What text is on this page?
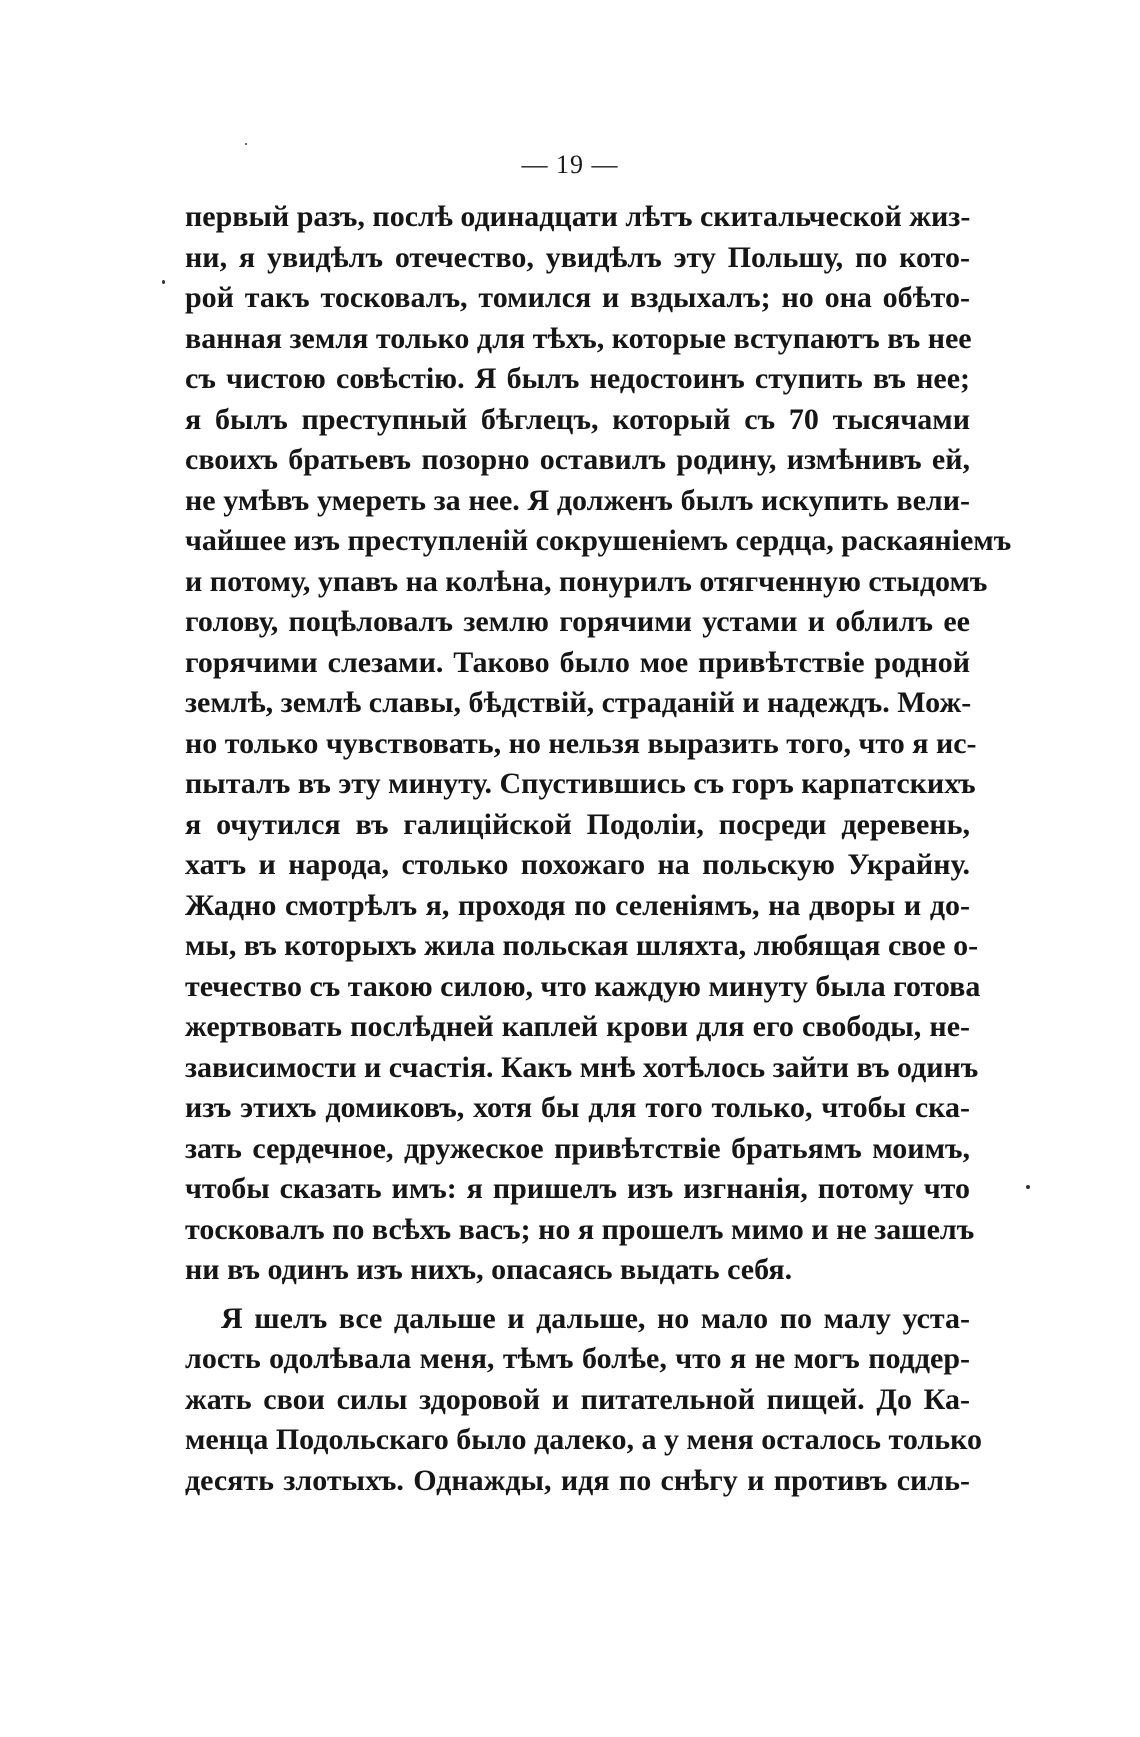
— 19 —
первый разъ, послѣ одинадцати лѣтъ скитальческой жиз-
ни, я увидѣлъ отечество, увидѣлъ эту Польшу, по кото-
рой такъ тосковалъ, томился и вздыхалъ; но она обѣто-
ванная земля только для тѣхъ, которые вступаютъ въ нее
съ чистою совѣстію. Я былъ недостоинъ ступить въ нее;
я былъ преступный бѣглецъ, который съ 70 тысячами
своихъ братьевъ позорно оставилъ родину, измѣнивъ ей,
не умѣвъ умереть за нее. Я долженъ былъ искупить вели-
чайшее изъ преступленій сокрушеніемъ сердца, раскаяніемъ
и потому, упавъ на колѣна, понурилъ отягченную стыдомъ
голову, поцѣловалъ землю горячими устами и облилъ ее
горячими слезами. Таково было мое привѣтствіе родной
землѣ, землѣ славы, бѣдствій, страданій и надеждъ. Мож-
но только чувствовать, но нельзя выразить того, что я ис-
пыталъ въ эту минуту. Спустившись съ горъ карпатскихъ
я очутился въ галицiйской Подоліи, посреди деревень,
хатъ и народа, столько похожаго на польскую Украйну.
Жадно смотрѣлъ я, проходя по селеніямъ, на дворы и до-
мы, въ которыхъ жила польская шляхта, любящая свое о-
течество съ такою силою, что каждую минуту была готова
жертвовать послѣдней каплей крови для его свободы, не-
зависимости и счастія. Какъ мнѣ хотѣлось зайти въ одинъ
изъ этихъ домиковъ, хотя бы для того только, чтобы ска-
зать сердечное, дружеское привѣтствіе братьямъ моимъ,
чтобы сказать имъ: я пришелъ изъ изгнанія, потому что
тосковалъ по всѣхъ васъ; но я прошелъ мимо и не зашелъ
ни въ одинъ изъ нихъ, опасаясь выдать себя.
Я шелъ все дальше и дальше, но мало по малу уста-
лость одолѣвала меня, тѣмъ болѣе, что я не могъ поддер-
жать свои силы здоровой и питательной пищей. До Ка-
менца Подольскаго было далеко, а у меня осталось только
десять злотыхъ. Однажды, идя по снѣгу и противъ силь-
